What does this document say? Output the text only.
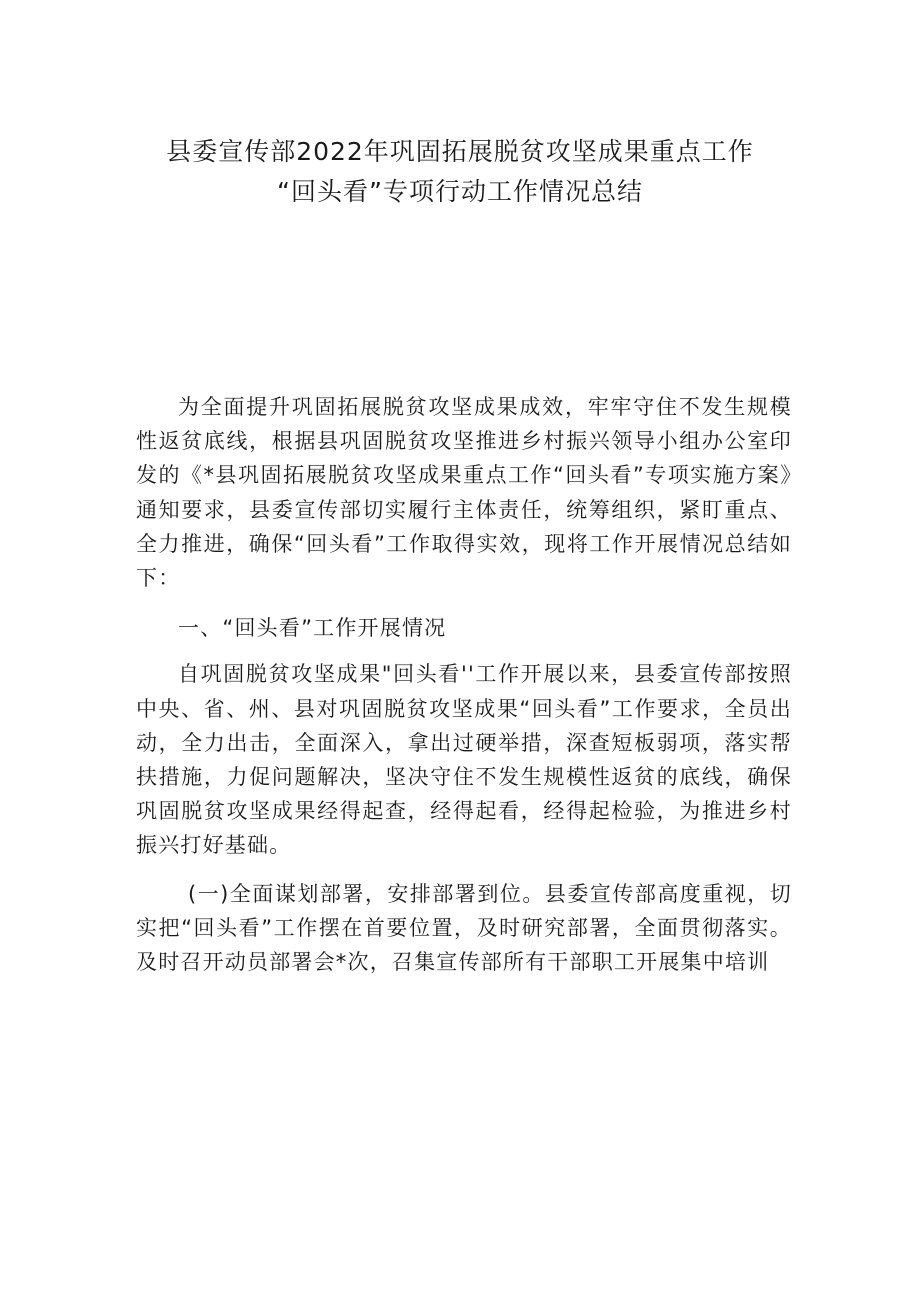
县委宣传部2022年巩固拓展脱贫攻坚成果重点工作
“回头看”专项行动工作情况总结

为全面提升巩固拓展脱贫攻坚成果成效，牢牢守住不发生规模性返贫底线，根据县巩固脱贫攻坚推进乡村振兴领导小组办公室印发的《*县巩固拓展脱贫攻坚成果重点工作“回头看”专项实施方案》通知要求，县委宣传部切实履行主体责任，统筹组织，紧盯重点、全力推进，确保“回头看”工作取得实效，现将工作开展情况总结如下：

一、“回头看”工作开展情况

自巩固脱贫攻坚成果"回头看''工作开展以来，县委宣传部按照中央、省、州、县对巩固脱贫攻坚成果“回头看”工作要求，全员出动，全力出击，全面深入，拿出过硬举措，深查短板弱项，落实帮扶措施，力促问题解决，坚决守住不发生规模性返贫的底线，确保巩固脱贫攻坚成果经得起查，经得起看，经得起检验，为推进乡村振兴打好基础。

(一)全面谋划部署，安排部署到位。县委宣传部高度重视，切实把“回头看”工作摆在首要位置，及时研究部署，全面贯彻落实。及时召开动员部署会*次，召集宣传部所有干部职工开展集中培训
